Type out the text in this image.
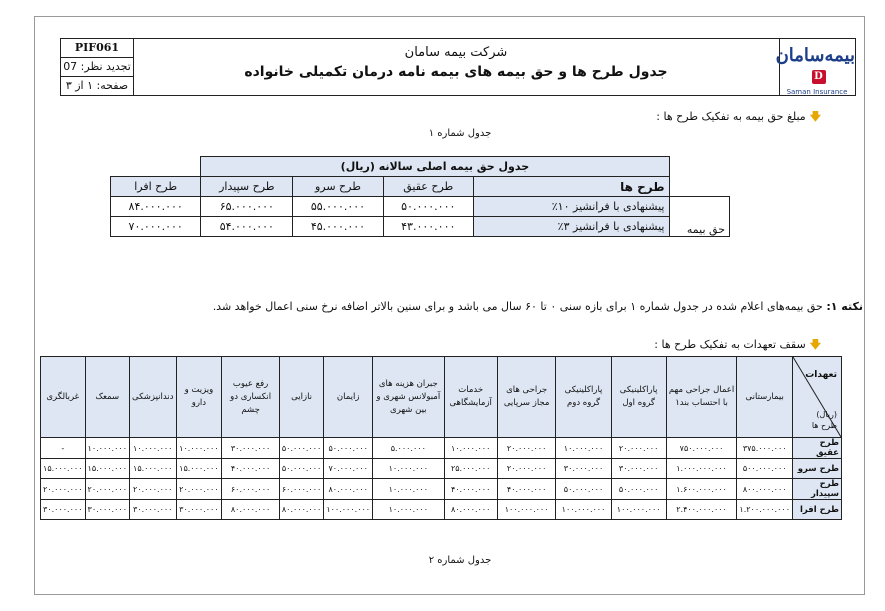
PIF061
تجدید نظر: 07
صفحه: ۱ از ۳
شرکت بیمه سامان
جدول طرح ها و حق بیمه های بیمه نامه درمان تکمیلی خانواده
بیمه‌سامانD
Saman Insurance
🡇مبلغ حق بیمه به تفکیک طرح ها :
جدول شماره ۱
نکته ۱: حق بیمه‌های اعلام شده در جدول شماره ۱ برای بازه سنی ۰ تا ۶۰ سال می باشد و برای سنین بالاتر اضافه نرخ سنی اعمال خواهد شد.
🡇سقف تعهدات به تفکیک طرح ها :
تعهدات
(ریال)
طرح ها	بیمارستانی	اعمال جراحی مهم با احتساب بند۱	پاراکلینیکی گروه اول	پاراکلینیکی گروه دوم	جراحی های مجاز سرپایی	خدمات آزمایشگاهی	جبران هزینه های آمبولانس شهری و بین شهری	زایمان	نازایی	رفع عیوب انکساری دو چشم	ویزیت و دارو	دندانپزشکی	سمعک	غربالگری
طرح عقیق	۳۷۵.۰۰۰.۰۰۰	۷۵۰.۰۰۰.۰۰۰	۲۰.۰۰۰.۰۰۰	۱۰.۰۰۰.۰۰۰	۲۰.۰۰۰.۰۰۰	۱۰.۰۰۰.۰۰۰	۵.۰۰۰.۰۰۰	۵۰.۰۰۰.۰۰۰	۵۰.۰۰۰.۰۰۰	۳۰.۰۰۰.۰۰۰	۱۰.۰۰۰.۰۰۰	۱۰.۰۰۰.۰۰۰	۱۰.۰۰۰.۰۰۰	-
طرح سرو	۵۰۰.۰۰۰.۰۰۰	۱.۰۰۰.۰۰۰.۰۰۰	۳۰.۰۰۰.۰۰۰	۳۰.۰۰۰.۰۰۰	۲۰.۰۰۰.۰۰۰	۲۵.۰۰۰.۰۰۰	۱۰.۰۰۰.۰۰۰	۷۰.۰۰۰.۰۰۰	۵۰.۰۰۰.۰۰۰	۴۰.۰۰۰.۰۰۰	۱۵.۰۰۰.۰۰۰	۱۵.۰۰۰.۰۰۰	۱۵.۰۰۰.۰۰۰	۱۵.۰۰۰.۰۰۰
طرح سپیدار	۸۰۰.۰۰۰.۰۰۰	۱.۶۰۰.۰۰۰.۰۰۰	۵۰.۰۰۰.۰۰۰	۵۰.۰۰۰.۰۰۰	۴۰.۰۰۰.۰۰۰	۴۰.۰۰۰.۰۰۰	۱۰.۰۰۰.۰۰۰	۸۰.۰۰۰.۰۰۰	۶۰.۰۰۰.۰۰۰	۶۰.۰۰۰.۰۰۰	۲۰.۰۰۰.۰۰۰	۲۰.۰۰۰.۰۰۰	۲۰.۰۰۰.۰۰۰	۲۰.۰۰۰.۰۰۰
طرح افرا	۱.۲۰۰.۰۰۰.۰۰۰	۲.۴۰۰.۰۰۰.۰۰۰	۱۰۰.۰۰۰.۰۰۰	۱۰۰.۰۰۰.۰۰۰	۱۰۰.۰۰۰.۰۰۰	۸۰.۰۰۰.۰۰۰	۱۰.۰۰۰.۰۰۰	۱۰۰.۰۰۰.۰۰۰	۸۰.۰۰۰.۰۰۰	۸۰.۰۰۰.۰۰۰	۳۰.۰۰۰.۰۰۰	۳۰.۰۰۰.۰۰۰	۳۰.۰۰۰.۰۰۰	۳۰.۰۰۰.۰۰۰
جدول شماره ۲
	جدول حق بیمه اصلی سالانه (ریال)				
	طرح ها	طرح عقیق	طرح سرو	طرح سپیدار	طرح افرا
حق بیمه	پیشنهادی با فرانشیز ۱۰٪	۵۰.۰۰۰.۰۰۰	۵۵.۰۰۰.۰۰۰	۶۵.۰۰۰.۰۰۰	۸۴.۰۰۰.۰۰۰
	پیشنهادی با فرانشیز ۳٪	۴۳.۰۰۰.۰۰۰	۴۵.۰۰۰.۰۰۰	۵۴.۰۰۰.۰۰۰	۷۰.۰۰۰.۰۰۰
